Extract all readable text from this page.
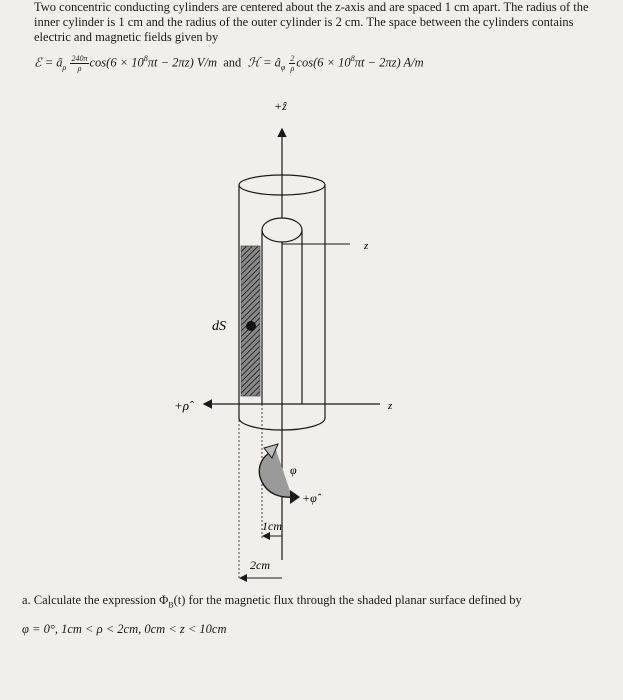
Two concentric conducting cylinders are centered about the z-axis and are spaced 1 cm apart. The radius of the inner cylinder is 1 cm and the radius of the outer cylinder is 2 cm. The space between the cylinders contains electric and magnetic fields given by
ℰ = $â_\rho \frac{240\pi}{\rho} \cos(6 \times 10^8\pi t - 2\pi z)$ V/m and ℋ = $â_\varphi \frac{2}{\rho} \cos(6 \times 10^8\pi t - 2\pi z)$ A/m
+ẑ
z
z
dS⃗
+ρ̂
φ
+φ̂
1cm
2cm
a. Calculate the expression $\Phi_B(t)$ for the magnetic flux through the shaded planar surface defined by
φ = 0°, 1cm < ρ < 2cm, 0cm < z < 10cm
